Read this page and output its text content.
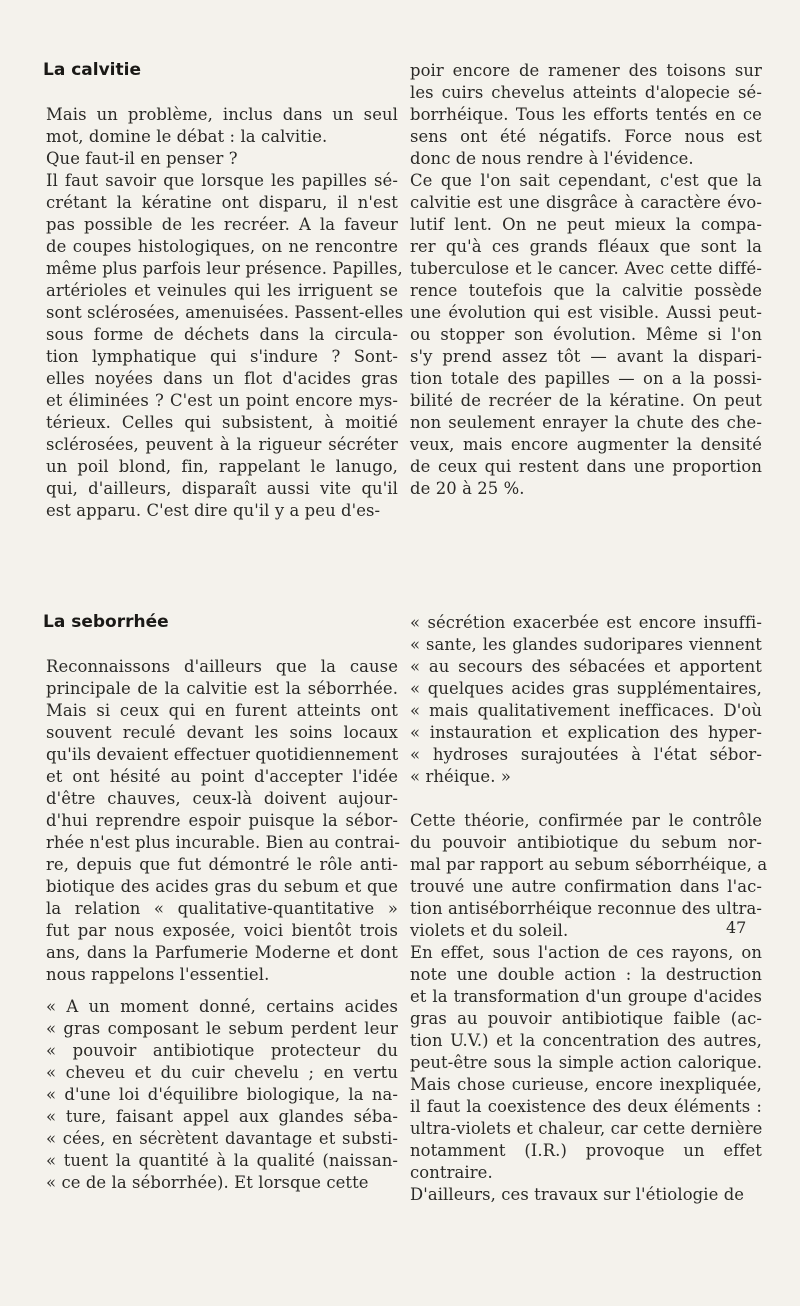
La calvitie
Mais un problème, inclus dans un seul
mot, domine le débat : la calvitie.
Que faut-il en penser ?
Il faut savoir que lorsque les papilles sé-
crétant la kératine ont disparu, il n'est
pas possible de les recréer. A la faveur
de coupes histologiques, on ne rencontre
même plus parfois leur présence. Papilles,
artérioles et veinules qui les irriguent se
sont sclérosées, amenuisées. Passent-elles
sous forme de déchets dans la circula-
tion lymphatique qui s'indure ? Sont-
elles noyées dans un flot d'acides gras
et éliminées ? C'est un point encore mys-
térieux. Celles qui subsistent, à moitié
sclérosées, peuvent à la rigueur sécréter
un poil blond, fin, rappelant le lanugo,
qui, d'ailleurs, disparaît aussi vite qu'il
est apparu. C'est dire qu'il y a peu d'es-
poir encore de ramener des toisons sur
les cuirs chevelus atteints d'alopecie sé-
borrhéique. Tous les efforts tentés en ce
sens ont été négatifs. Force nous est
donc de nous rendre à l'évidence.
Ce que l'on sait cependant, c'est que la
calvitie est une disgrâce à caractère évo-
lutif lent. On ne peut mieux la compa-
rer qu'à ces grands fléaux que sont la
tuberculose et le cancer. Avec cette diffé-
rence toutefois que la calvitie possède
une évolution qui est visible. Aussi peut-
ou stopper son évolution. Même si l'on
s'y prend assez tôt — avant la dispari-
tion totale des papilles — on a la possi-
bilité de recréer de la kératine. On peut
non seulement enrayer la chute des che-
veux, mais encore augmenter la densité
de ceux qui restent dans une proportion
de 20 à 25 %.
La seborrhée
Reconnaissons d'ailleurs que la cause
principale de la calvitie est la séborrhée.
Mais si ceux qui en furent atteints ont
souvent reculé devant les soins locaux
qu'ils devaient effectuer quotidiennement
et ont hésité au point d'accepter l'idée
d'être chauves, ceux-là doivent aujour-
d'hui reprendre espoir puisque la sébor-
rhée n'est plus incurable. Bien au contrai-
re, depuis que fut démontré le rôle anti-
biotique des acides gras du sebum et que
la relation « qualitative-quantitative »
fut par nous exposée, voici bientôt trois
ans, dans la Parfumerie Moderne et dont
nous rappelons l'essentiel.
« A un moment donné, certains acides
« gras composant le sebum perdent leur
« pouvoir antibiotique protecteur du
« cheveu et du cuir chevelu ; en vertu
« d'une loi d'équilibre biologique, la na-
« ture, faisant appel aux glandes séba-
« cées, en sécrètent davantage et substi-
« tuent la quantité à la qualité (naissan-
« ce de la séborrhée). Et lorsque cette
« sécrétion exacerbée est encore insuffi-
« sante, les glandes sudoripares viennent
« au secours des sébacées et apportent
« quelques acides gras supplémentaires,
« mais qualitativement inefficaces. D'où
« instauration et explication des hyper-
« hydroses surajoutées à l'état sébor-
« rhéique. »
Cette théorie, confirmée par le contrôle
du pouvoir antibiotique du sebum nor-
mal par rapport au sebum séborrhéique, a
trouvé une autre confirmation dans l'ac-
tion antiséborrhéique reconnue des ultra-
violets et du soleil.
En effet, sous l'action de ces rayons, on
note une double action : la destruction
et la transformation d'un groupe d'acides
gras au pouvoir antibiotique faible (ac-
tion U.V.) et la concentration des autres,
peut-être sous la simple action calorique.
Mais chose curieuse, encore inexpliquée,
il faut la coexistence des deux éléments :
ultra-violets et chaleur, car cette dernière
notamment (I.R.) provoque un effet
contraire.
D'ailleurs, ces travaux sur l'étiologie de
47
